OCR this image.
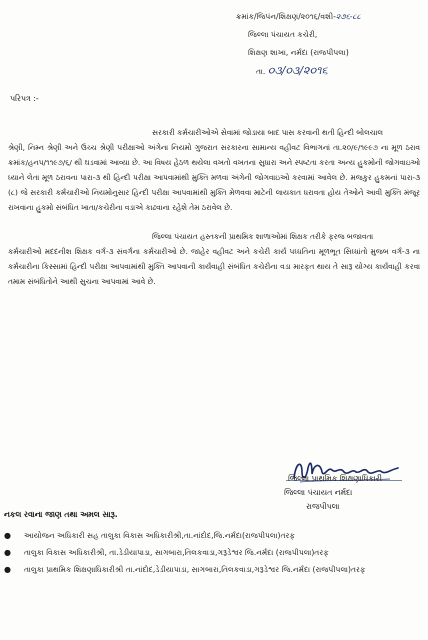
ક્રમાંક/જિપંન/શિક્ષણ/૨૦૧૬/વશી-૨૭૬-૮૮
જિલ્લા પંચાયત કચેરી,
શિક્ષણ શાખા, નર્મદા (રાજપીપલા)
તા. ૦૩/૦૩/૨૦૧૬
પરિપત્ર :-
સરકારી કર્મચારીઓએ સેવામાં જોડાયા બાદ પાસ કરવાની થતી હિન્દી બોલચાલ
શ્રેણી, નિમ્ન શ્રેણી અને ઉચ્ચ શ્રેણી પરીક્ષાઓ અંગેના નિયમો ગુજરાત સરકારના સામાન્ય વહીવટ વિભાગનાં તા.૨૦/૯/૧૯૯૭ ના મૂળ ઠરાવ ક્રમાંક/હનપ/૧૧૯૭/૬/ થી ઘડવામાં આવ્યા છે. આ વિષય હેઠળ થયેલા વખતો વખતના સુધારા અને સ્પષ્ટતા કરતા અન્ય હુકમોની જોગવાઇઓ ધ્યાને લેતા મૂળ ઠરાવના પારા-૩ થી હિન્દી પરીક્ષા આપવામાંથી મુક્તિ મળવા અંગેની જોગવાઇઓ કરવામાં આવેલ છે. મજકુર હુકમનાં પારા-૩ (૮) જે સરકારી કર્મચારીઓ નિયમોનુસાર હિન્દી પરીક્ષા આપવામાંથી મુક્તિ મેળવવા માટેની લાયકાત ધરાવતા હોય તેઓને આવી મુક્તિ મંજૂર રાખવાના હુકમો સંબંધિત ખાતા/કચેરીના વડાએ કાઢવાના રહેશે તેમ ઠરાવેલ છે.
જિલ્લા પંચાયત હસ્તકની પ્રાથમિક શાળાઓમાં શિક્ષક તરીકે ફરજ બજાવતા
કર્મચારીઓ મદદનીશ શિક્ષક વર્ગ-૩ સંવર્ગના કર્મચારીઓ છે. જાહેર વહીવટ અને કચેરી કાર્ય પધ્ધતિના મૂળભૂત સિધ્ધાંતો મુજબ વર્ગ-૩ ના કર્મચારીના કિસ્સામાં હિન્દી પરીક્ષા આપવામાંથી મુક્તિ આપવાની કાર્યવાહી સંબંધિત કચેરીના વડા મારફત થાય તે સારૂ યોગ્ય કાર્યવાહી કરવા તમામ સંબંધિતોને આથી સુચના આપવામાં આવે છે.
જિલ્લા પ્રાથમિક શિક્ષણાધિકારી
જિલ્લા પંચાયત નર્મદા
રાજપીપલા
નકલ રવાના જાણ તથા અમલ સારૂ.
● આયોજન અધિકારી સહ તાલુકા વિકાસ અધિકારીશ્રી,તા.નાંદોદ,જિ.નર્મદા(રાજપીપલા)તરફ
● તાલુકા વિકાસ અધિકારીશ્રી, તા.ડેડીયાપાડા, સાગબારા,તિલકવાડા,ગરૂડેશ્વર જિ.નર્મદા (રાજપીપલા)તરફ
● તાલુકા પ્રાથમિક શિક્ષણાધિકારીશ્રી તા.નાંદોદ,ડેડીયાપાડા, સાગબારા,તિલકવાડા,ગરૂડેશ્વર જિ.નર્મદા (રાજપીપલા)તરફ
